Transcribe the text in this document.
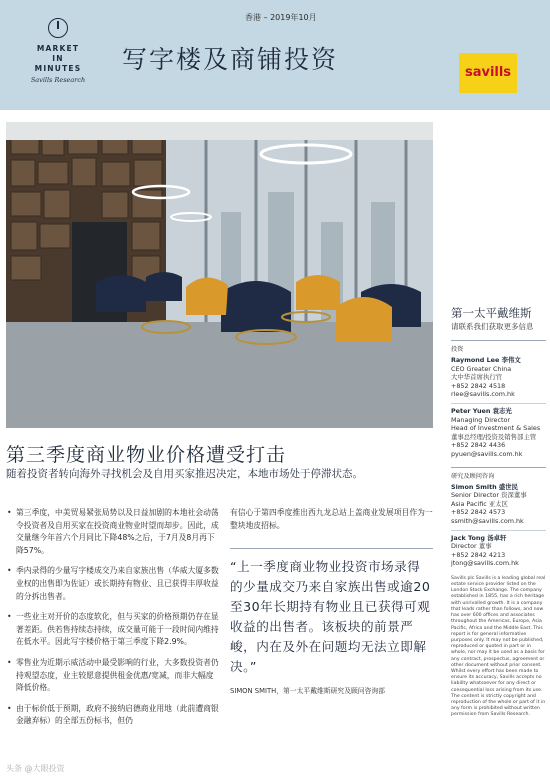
MARKET
IN
MINUTES
Savills Research
香港 – 2019年10月
写字楼及商铺投资	savills
第一太平戴维斯
请联系我们获取更多信息
投资
Raymond Lee 李伟文
CEO Greater China
大中华首席执行官
+852 2842 4518
rlee@savills.com.hk
Peter Yuen 袁志光
Managing Director
Head of Investment & Sales
董事总经理/投资及销售部主管
+852 2842 4436
pyuen@savills.com.hk
研究及顾问咨询
Simon Smith 盛世民
Senior Director 资深董事
Asia Pacific 亚太区
+852 2842 4573
ssmith@savills.com.hk
Jack Tong 汤卓轩
Director 董事
+852 2842 4213
jtong@savills.com.hk
Savills plc Savills is a leading global real estate service provider listed on the London Stock Exchange. The company established in 1855, has a rich heritage with unrivalled growth. It is a company that leads rather than follows, and now has over 600 offices and associates throughout the Americas, Europe, Asia Pacific, Africa and the Middle East. This report is for general informative purposes only. It may not be published, reproduced or quoted in part or in whole, nor may it be used as a basis for any contract, prospectus, agreement or other document without prior consent. Whilst every effort has been made to ensure its accuracy, Savills accepts no liability whatsoever for any direct or consequential loss arising from its use. The content is strictly copyright and reproduction of the whole or part of it in any form is prohibited without written permission from Savills Research.
第三季度商业物业价格遭受打击
随着投资者转向海外寻找机会及自用买家推迟决定，本地市场处于停滞状态。
• 第三季度，中美贸易紧张局势以及日益加剧的本地社会动荡令投资者及自用买家在投资商业物业时望而却步。因此，成交量继今年首六个月同比下降48%之后，于7月及8月再下降57%。
• 季内录得的少量写字楼成交乃来自家族出售（华威大厦多数业权的出售即为佐证）或长期持有物业、且已获得丰厚收益的分拆出售者。
• 一些业主对开价的态度软化，但与买家的价格预期仍存在显著差距。供若售持续态持续，成交量可能于一段时间内维持在低水平。因此写字楼价格于第三季度下降2.9%。
• 零售业为近期示威活动中最受影响的行业，大多数投资者仍持观望态度，业主较愿意提供租金优惠/宽减，而非大幅度降低价格。
• 由于标价低于预期，政府不接纳启德商业用地（此前遭商银金融弃标）的全部五份标书，但仍
有信心于第四季度推出西九龙总站上盖商业发展项目作为一整块地皮招标。
“上一季度商业物业投资市场录得的少量成交乃来自家族出售或逾20至30年长期持有物业且已获得可观收益的出售者。该板块的前景严峻，内在及外在问题均无法立即解决。”
SIMON SMITH，第一太平戴维斯研究及顾问咨询部
头条 @大眼投资
